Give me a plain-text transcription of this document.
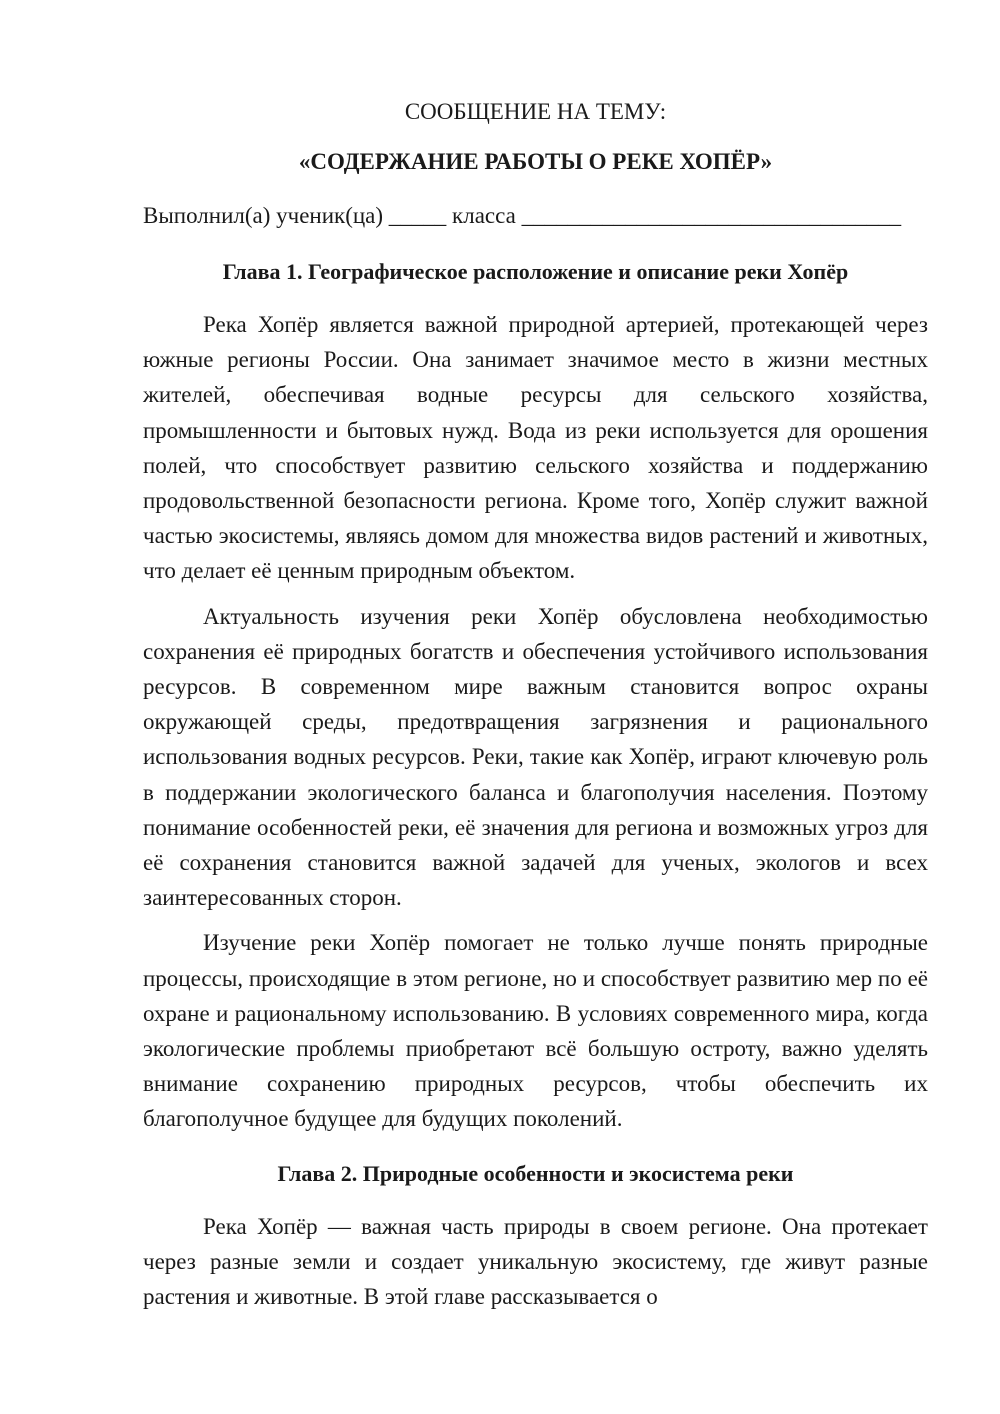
СООБЩЕНИЕ НА ТЕМУ:

«СОДЕРЖАНИЕ РАБОТЫ О РЕКЕ ХОПЁР»

Выполнил(а) ученик(ца) _____ класса _________________________________

Глава 1. Географическое расположение и описание реки Хопёр

Река Хопёр является важной природной артерией, протекающей через южные регионы России. Она занимает значимое место в жизни местных жителей, обеспечивая водные ресурсы для сельского хозяйства, промышленности и бытовых нужд. Вода из реки используется для орошения полей, что способствует развитию сельского хозяйства и поддержанию продовольственной безопасности региона. Кроме того, Хопёр служит важной частью экосистемы, являясь домом для множества видов растений и животных, что делает её ценным природным объектом.

Актуальность изучения реки Хопёр обусловлена необходимостью сохранения её природных богатств и обеспечения устойчивого использования ресурсов. В современном мире важным становится вопрос охраны окружающей среды, предотвращения загрязнения и рационального использования водных ресурсов. Реки, такие как Хопёр, играют ключевую роль в поддержании экологического баланса и благополучия населения. Поэтому понимание особенностей реки, её значения для региона и возможных угроз для её сохранения становится важной задачей для ученых, экологов и всех заинтересованных сторон.

Изучение реки Хопёр помогает не только лучше понять природные процессы, происходящие в этом регионе, но и способствует развитию мер по её охране и рациональному использованию. В условиях современного мира, когда экологические проблемы приобретают всё большую остроту, важно уделять внимание сохранению природных ресурсов, чтобы обеспечить их благополучное будущее для будущих поколений.

Глава 2. Природные особенности и экосистема реки

Река Хопёр — важная часть природы в своем регионе. Она протекает через разные земли и создает уникальную экосистему, где живут разные растения и животные. В этой главе рассказывается о
